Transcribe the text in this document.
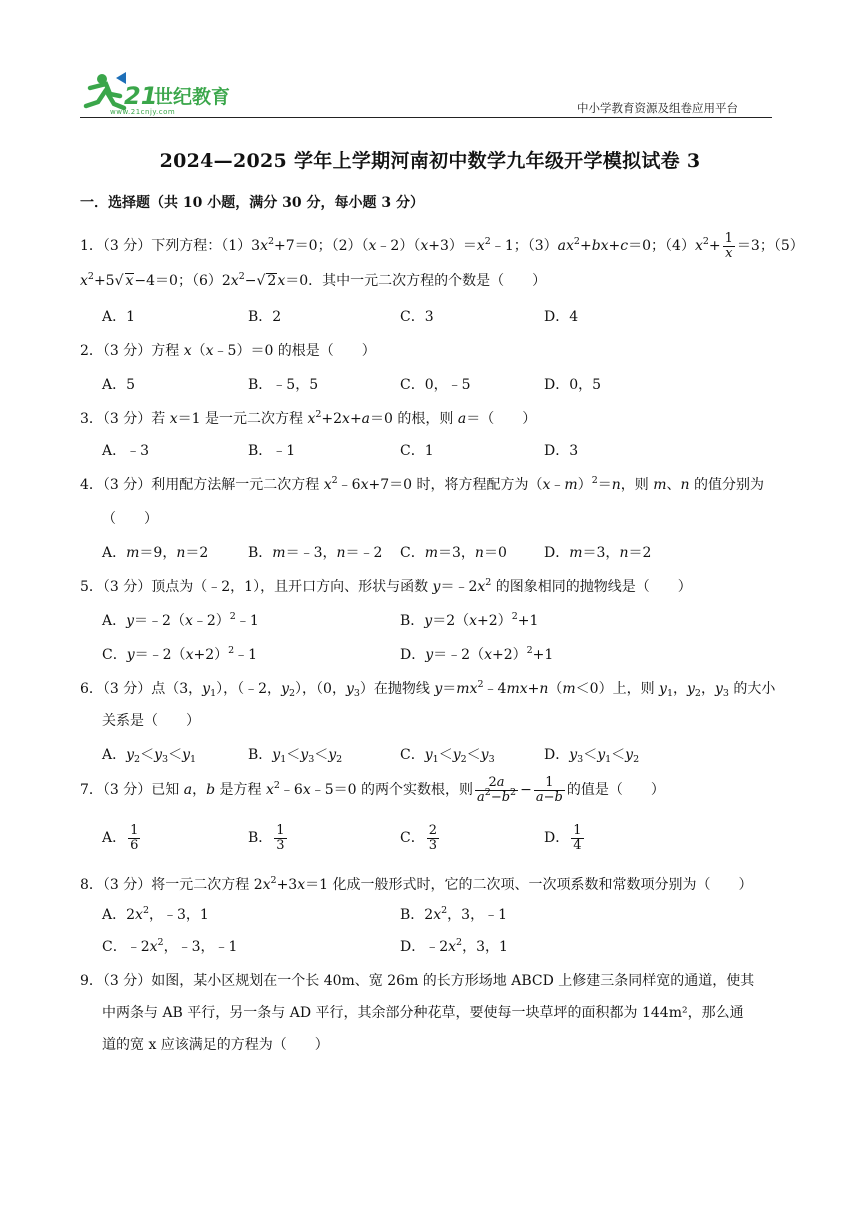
21
世纪教育
www.21cnjy.com	中小学教育资源及组卷应用平台
2024—2025 学年上学期河南初中数学九年级开学模拟试卷 3
一．选择题（共 10 小题，满分 30 分，每小题 3 分）
1．（3 分）下列方程：$(1)3x^2+7=0$；$(2)(x﹣2)(x+3)=x^2﹣1$；$(3)ax^2+bx+c=0$；$(4)x^2+ \frac{1}{x} =3$；（5）
$x^2+5√$ x−4＝0；$(6)2x^2-√$ 2x＝0．其中一元二次方程的个数是（　　）
A．1	B．2	C．3	D．4
2．（3 分）方程 x（x﹣5）＝0 的根是（　　）
A．5	B．﹣5，5	C．0，﹣5	D．0，5
3．（3 分）若 x＝1 是一元二次方程 $x^2+2x+a=0$ 的根，则 a＝（　　）
A．﹣3	B．﹣1	C．1	D．3
4．（3 分）利用配方法解一元二次方程 $x^2﹣6x+7=0$ 时，将方程配方为（x﹣m）$^2$＝n，则 m、n 的值分别为
（　　）
A．m＝9，n＝2	B．m＝﹣3，n＝﹣2 C．m＝3，n＝0	D．m＝3，n＝2
5．（3 分）顶点为（﹣2，1），且开口方向、形状与函数 $y=﹣2x^2$ 的图象相同的抛物线是（　　）
A．y＝﹣2（x﹣2）$^2$﹣1	B．$y=2(x+2)^2+1$
C．$y=﹣2(x+2)^2﹣1$	D．$y=﹣2(x+2)^2+1$
6．（3 分）点（3，$y_1$），（﹣2，$y_2$），（0，$y_3$）在抛物线 $y=mx^2﹣4mx+n(m<0)$上，则 $y_1$，$y_2$，$y_3$ 的大小
关系是（　　）
A．$y_2<y_3<y_1$	B．$y_1<y_3<y_2$	C．$y_1<y_2<y_3$	D．$y_3<y_1<y_2$
7．（3 分）已知 a，b 是方程 $x^2﹣6x﹣5=0$ 的两个实数根，则 $\frac{2a}{a^2-b^2} - \frac{1}{a-b}$ 的值是（　　）
A． $\frac{1}{6}$	B． $\frac{1}{3}$	C． $\frac{2}{3}$	D． $\frac{1}{4}$
8．（3 分）将一元二次方程 $2x^2+3x=1$ 化成一般形式时，它的二次项、一次项系数和常数项分别为（　　）
A．$2x^2$，﹣3，1	B．$2x^2$，3，﹣1
C．$﹣2x^2$，﹣3，﹣1	D．$﹣2x^2$，3，1
9．（3 分）如图，某小区规划在一个长 40m、宽 26m 的长方形场地 ABCD 上修建三条同样宽的通道，使其
中两条与 AB 平行，另一条与 AD 平行，其余部分种花草，要使每一块草坪的面积都为 144m²，那么通
道的宽 x 应该满足的方程为（　　）
